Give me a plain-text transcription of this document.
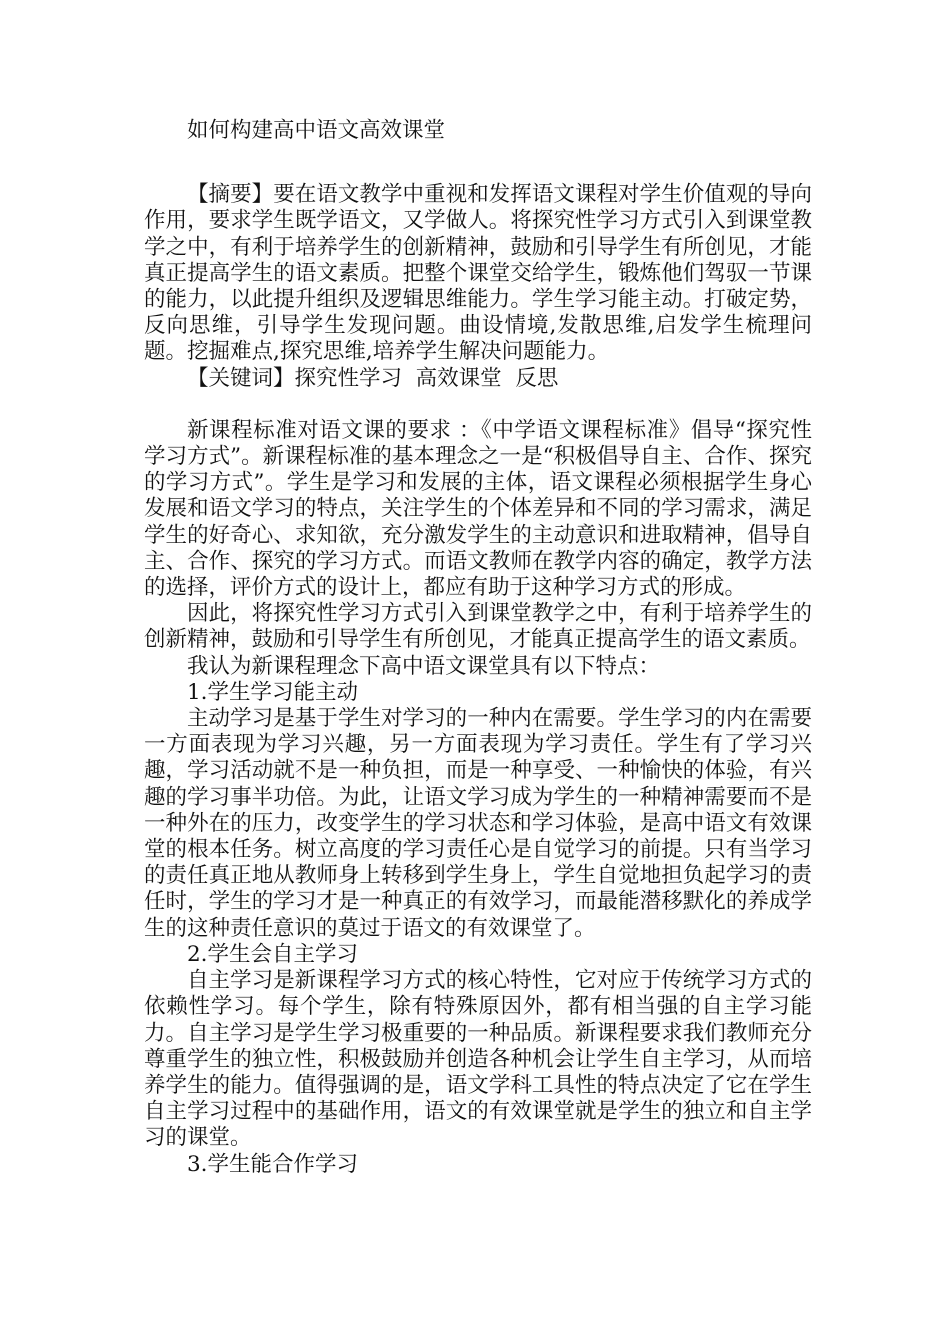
如何构建高中语文高效课堂

【摘要】要在语文教学中重视和发挥语文课程对学生价值观的导向作用，要求学生既学语文，又学做人。将探究性学习方式引入到课堂教学之中，有利于培养学生的创新精神，鼓励和引导学生有所创见，才能真正提高学生的语文素质。把整个课堂交给学生，锻炼他们驾驭一节课的能力，以此提升组织及逻辑思维能力。学生学习能主动。打破定势，反向思维，引导学生发现问题。曲设情境,发散思维,启发学生梳理问题。挖掘难点,探究思维,培养学生解决问题能力。

【关键词】探究性学习  高效课堂  反思

新课程标准对语文课的要求 ：《中学语文课程标准》倡导“探究性学习方式”。新课程标准的基本理念之一是“积极倡导自主、合作、探究的学习方式”。学生是学习和发展的主体，语文课程必须根据学生身心发展和语文学习的特点，关注学生的个体差异和不同的学习需求，满足学生的好奇心、求知欲，充分激发学生的主动意识和进取精神，倡导自主、合作、探究的学习方式。而语文教师在教学内容的确定，教学方法的选择，评价方式的设计上，都应有助于这种学习方式的形成。

因此，将探究性学习方式引入到课堂教学之中，有利于培养学生的创新精神，鼓励和引导学生有所创见，才能真正提高学生的语文素质。

我认为新课程理念下高中语文课堂具有以下特点：

1.学生学习能主动

主动学习是基于学生对学习的一种内在需要。学生学习的内在需要一方面表现为学习兴趣，另一方面表现为学习责任。学生有了学习兴趣，学习活动就不是一种负担，而是一种享受、一种愉快的体验，有兴趣的学习事半功倍。为此，让语文学习成为学生的一种精神需要而不是一种外在的压力，改变学生的学习状态和学习体验，是高中语文有效课堂的根本任务。树立高度的学习责任心是自觉学习的前提。只有当学习的责任真正地从教师身上转移到学生身上，学生自觉地担负起学习的责任时，学生的学习才是一种真正的有效学习，而最能潜移默化的养成学生的这种责任意识的莫过于语文的有效课堂了。

2.学生会自主学习

自主学习是新课程学习方式的核心特性，它对应于传统学习方式的依赖性学习。每个学生，除有特殊原因外，都有相当强的自主学习能力。自主学习是学生学习极重要的一种品质。新课程要求我们教师充分尊重学生的独立性，积极鼓励并创造各种机会让学生自主学习，从而培养学生的能力。值得强调的是，语文学科工具性的特点决定了它在学生自主学习过程中的基础作用，语文的有效课堂就是学生的独立和自主学习的课堂。

3.学生能合作学习
